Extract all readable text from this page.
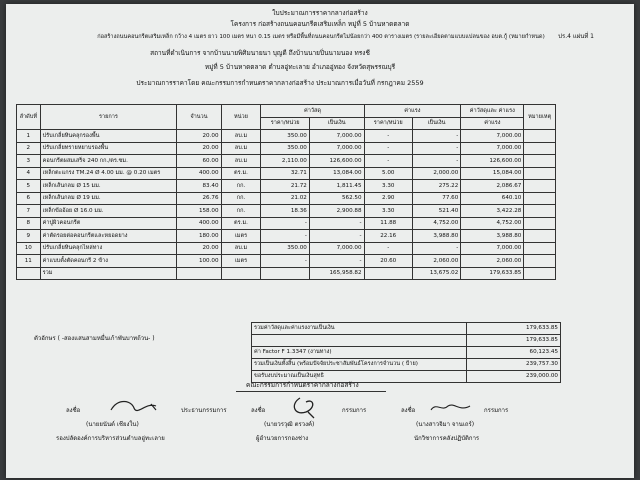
ใบประมาณการราคากลางก่อสร้าง
โครงการ ก่อสร้างถนนคอนกรีตเสริมเหล็ก หมู่ที่ 5 บ้านหาดตลาด
ปร.4 แผ่นที่ 1
ก่อสร้างถนนคอนกรีตเสริมเหล็ก กว้าง 4 เมตร ยาว 100 เมตร หนา 0.15 เมตร หรือมีพื้นที่ถนนคอนกรีตไม่น้อยกว่า 400 ตารางเมตร (รายละเอียดตามแบบแปลนของ อบต.กู้ (หมายกำหนด)
สถานที่ดำเนินการ จากบ้านนายพิศิมนายนา บุญดี ถึงบ้านนายปิ่นนามนอง ทรงชี
หมู่ที่ 5 บ้านหาดตลาด ตำบลอู่ทะเลาย อำเภออู่ทอง จังหวัดสุพรรณบุรี
ประมาณการราคาโดย คณะกรรมการกำหนดราคากลางก่อสร้าง ประมาณการเมื่อวันที่ กรกฎาคม 2559
ลำดับที่	รายการ	จำนวน	หน่วย	ค่าวัสดุ		ค่าแรง		ค่าวัสดุและ ค่าแรง	หมายเหตุ
				ราคา/หน่วย	เป็นเงิน	ราคา/หน่วย	เป็นเงิน	ค่าแรง	
1	ปรับเกลี่ยหินคลุกรองพื้น	20.00	ลบ.ม	350.00	7,000.00	-	-	7,000.00	
2	ปรับเกลี่ยทรายหยาบรองพื้น	20.00	ลบ.ม	350.00	7,000.00	-	-	7,000.00	
3	คอนกรีตผสมเสร็จ 240 กก./ตร.ซม.	60.00	ลบ.ม	2,110.00	126,600.00	-	-	126,600.00	
4	เหล็กตะแกรง TM.24 Ø 4.00 มม. @ 0.20 เมตร	400.00	ตร.ม.	32.71	13,084.00	5.00	2,000.00	15,084.00	
5	เหล็กเส้นกลม Ø 15 มม.	83.40	กก.	21.72	1,811.45	3.30	275.22	2,086.67	
6	เหล็กเส้นกลม Ø 19 มม.	26.76	กก.	21.02	562.50	2.90	77.60	640.10	
7	เหล็กข้ออ้อย Ø 16.0 มม.	158.00	กก.	18.36	2,900.88	3.30	521.40	3,422.28	
8	ค่าปูผิวคอนกรีต	400.00	ตร.ม.	-	-	11.88	4,752.00	4,752.00	
9	ค่าตัดรอยต่อคอนกรีตและหยอดยาง	180.00	เมตร	-	-	22.16	3,988.80	3,988.80	
10	ปรับเกลี่ยหินคลุกไหล่ทาง	20.00	ลบ.ม	350.00	7,000.00	-	-	7,000.00	
11	ค่าแบบตั้งตัดคอนกรี 2 ข้าง	100.00	เมตร	-	-	20.60	2,060.00	2,060.00	
	รวม				165,958.82		13,675.02	179,633.85	
รวมค่าวัสดุและค่าแรงงานเป็นเงิน	179,633.85
	179,633.85
ค่า Factor F 1.3347 (งานทาง)	60,123.45
รวมเป็นเงินทั้งสิ้น (พร้อมปัจจัยประชาสัมพันธ์โครงการจำนวน ( ป้าย)	239,757.30
ขอรับงบประมาณเป็นเงินสุทธิ	239,000.00
ตัวอักษร ( -สองแสนสามหมื่นเก้าพันบาทถ้วน- )
คณะกรรมการกำหนดราคากลางก่อสร้าง
ลงชื่อ	ประธานกรรมการ	ลงชื่อ	กรรมการ	ลงชื่อ	กรรมการ
(นายยนันต์ เชียงใน)
รองปลัดองค์การบริหารส่วนตำบลอู่ทะเลาย
(นายวรวุฒิ ตรวงค์)
ผู้อำนวยการกองช่าง
(นางสาวจิมา จานเถร์)
นักวิชาการคลังปฏิบัติการ
